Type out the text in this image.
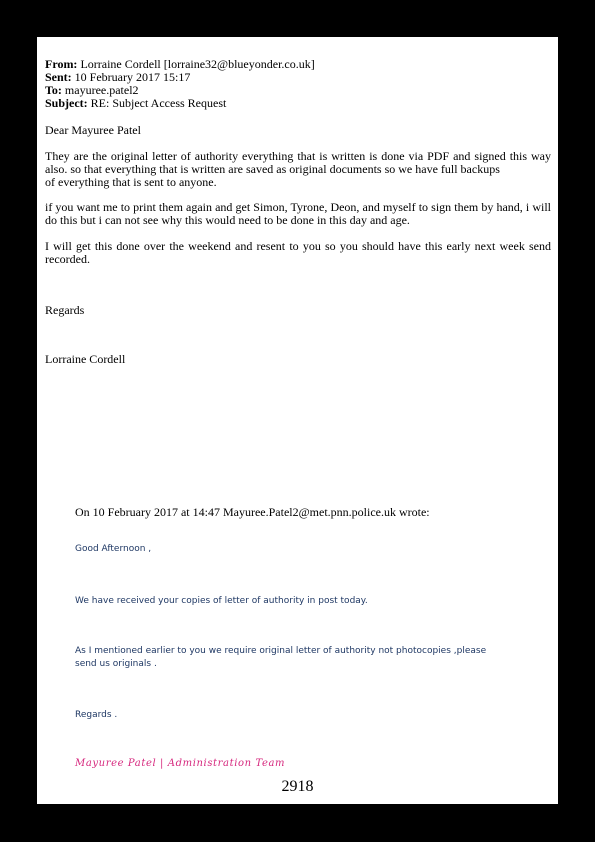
From: Lorraine Cordell [lorraine32@blueyonder.co.uk]
Sent: 10 February 2017 15:17
To: mayuree.patel2
Subject: RE: Subject Access Request
Dear Mayuree Patel
They are the original letter of authority everything that is written is done via PDF and signed this way
also. so that everything that is written are saved as original documents so we have full backups
of everything that is sent to anyone.
if you want me to print them again and get Simon, Tyrone, Deon, and myself to sign them by hand, i will do this but i can not see why this would need to be done in this day and age.
I will get this done over the weekend and resent to you so you should have this early next week send recorded.
Regards
Lorraine Cordell
On 10 February 2017 at 14:47 Mayuree.Patel2@met.pnn.police.uk wrote:
Good Afternoon ,
We have received your copies of letter of authority in post today.
As I mentioned earlier to you we require original letter of authority not photocopies ,please
send us originals .
Regards .
Mayuree Patel | Administration Team
2918
